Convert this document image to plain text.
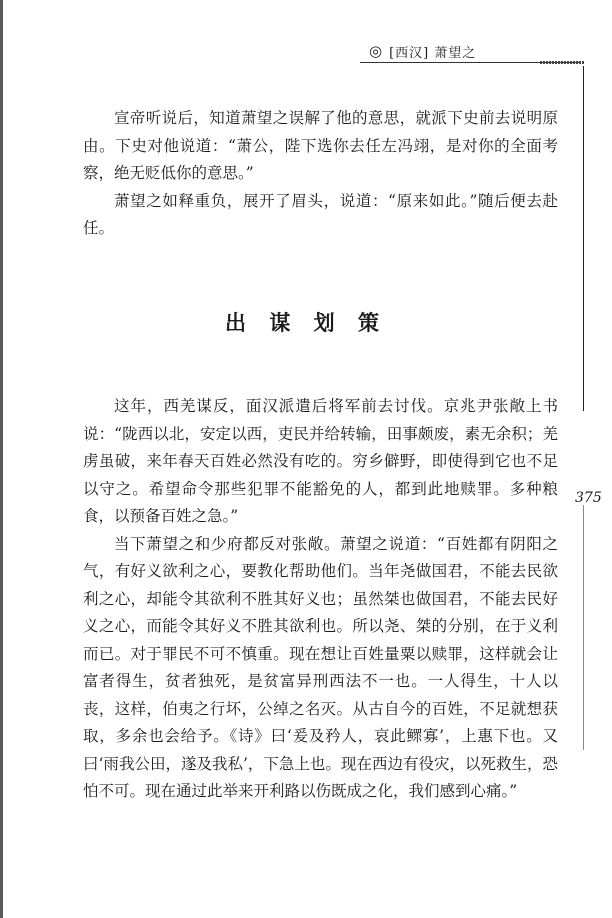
◎ [西汉] 萧望之
375

宣帝听说后，知道萧望之误解了他的意思，就派下史前去说明原由。下史对他说道：“萧公，陛下选你去任左冯翊，是对你的全面考察，绝无贬低你的意思。”

萧望之如释重负，展开了眉头，说道：“原来如此。”随后便去赴任。

出 谋 划 策

这年，西羌谋反，面汉派遣后将军前去讨伐。京兆尹张敞上书说：“陇西以北，安定以西，吏民并给转输，田事颇废，素无余积；羌虏虽破，来年春天百姓必然没有吃的。穷乡僻野，即使得到它也不足以守之。希望命令那些犯罪不能豁免的人，都到此地赎罪。多种粮食，以预备百姓之急。”

当下萧望之和少府都反对张敞。萧望之说道：“百姓都有阴阳之气，有好义欲利之心，要教化帮助他们。当年尧做国君，不能去民欲利之心，却能令其欲利不胜其好义也；虽然桀也做国君，不能去民好义之心，而能令其好义不胜其欲利也。所以尧、桀的分别，在于义利而已。对于罪民不可不慎重。现在想让百姓量粟以赎罪，这样就会让富者得生，贫者独死，是贫富异刑西法不一也。一人得生，十人以丧，这样，伯夷之行坏，公绰之名灭。从古自今的百姓，不足就想获取，多余也会给予。《诗》曰‘爰及矜人，哀此鳏寡’，上惠下也。又曰‘雨我公田，遂及我私’，下急上也。现在西边有役灾，以死救生，恐怕不可。现在通过此举来开利路以伤既成之化，我们感到心痛。”
